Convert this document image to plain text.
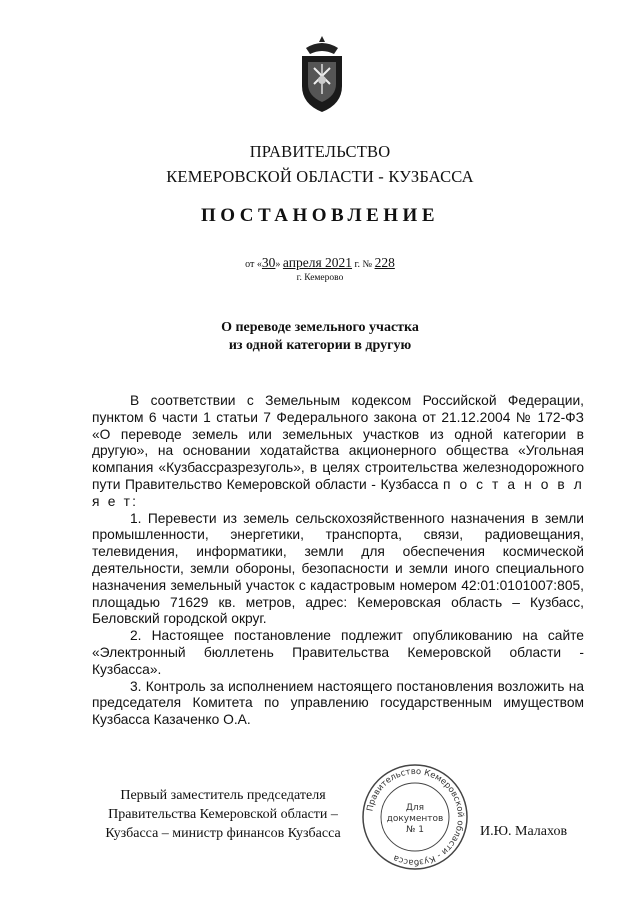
ПРАВИТЕЛЬСТВО
КЕМЕРОВСКОЙ ОБЛАСТИ - КУЗБАССА
ПОСТАНОВЛЕНИЕ
от «30» апреля 2021 г. № 228
г. Кемерово
О переводе земельного участка
из одной категории в другую

В соответствии с Земельным кодексом Российской Федерации, пунктом 6 части 1 статьи 7 Федерального закона от 21.12.2004 № 172-ФЗ «О переводе земель или земельных участков из одной категории в другую», на основании ходатайства акционерного общества «Угольная компания «Кузбассразрезуголь», в целях строительства железнодорожного пути Правительство Кемеровской области - Кузбасса п о с т а н о в л я е т:

1. Перевести из земель сельскохозяйственного назначения в земли промышленности, энергетики, транспорта, связи, радиовещания, телевидения, информатики, земли для обеспечения космической деятельности, земли обороны, безопасности и земли иного специального назначения земельный участок с кадастровым номером 42:01:0101007:805, площадью 71629 кв. метров, адрес: Кемеровская область – Кузбасс, Беловский городской округ.

2. Настоящее постановление подлежит опубликованию на сайте «Электронный бюллетень Правительства Кемеровской области - Кузбасса».

3. Контроль за исполнением настоящего постановления возложить на председателя Комитета по управлению государственным имуществом Кузбасса Казаченко О.А.

Первый заместитель председателя
Правительства Кемеровской области –
Кузбасса – министр финансов Кузбасса
Правительство Кемеровской области - Кузбасса
Для
документов
№ 1	И.Ю. Малахов
